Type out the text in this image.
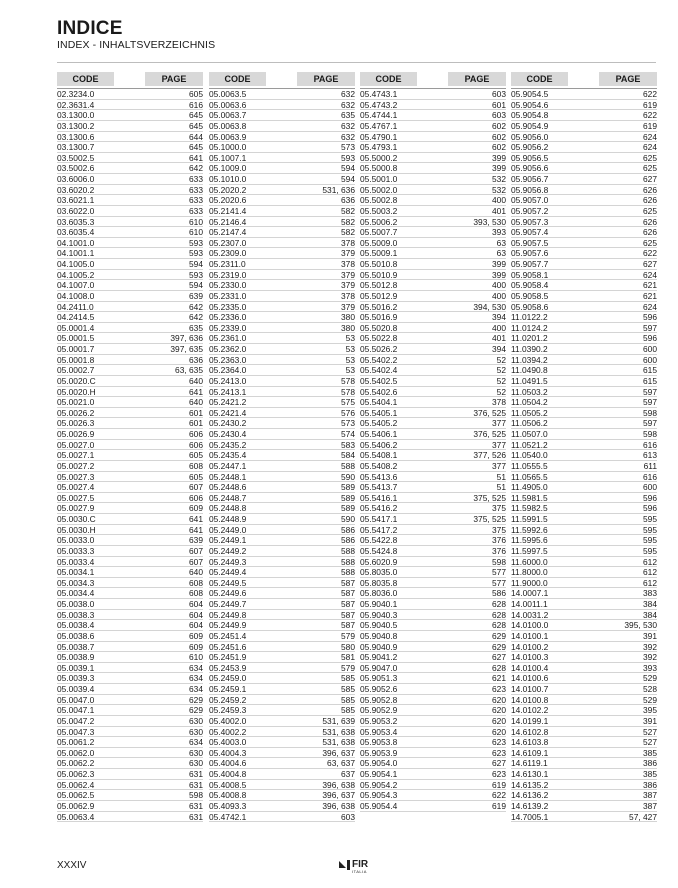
INDICE
INDEX - INHALTSVERZEICHNIS
CODE	PAGE
02.3234.0	605
02.3631.4	616
03.1300.0	645
03.1300.2	645
03.1300.6	644
03.1300.7	645
03.5002.5	641
03.5002.6	642
03.6006.0	633
03.6020.2	633
03.6021.1	633
03.6022.0	633
03.6035.3	610
03.6035.4	610
04.1001.0	593
04.1001.1	593
04.1005.0	594
04.1005.2	593
04.1007.0	594
04.1008.0	639
04.2411.0	642
04.2414.5	642
05.0001.4	635
05.0001.5	397, 636
05.0001.7	397, 635
05.0001.8	636
05.0002.7	63, 635
05.0020.C	640
05.0020.H	641
05.0021.0	640
05.0026.2	601
05.0026.3	601
05.0026.9	606
05.0027.0	606
05.0027.1	605
05.0027.2	608
05.0027.3	605
05.0027.4	607
05.0027.5	606
05.0027.9	609
05.0030.C	641
05.0030.H	641
05.0033.0	639
05.0033.3	607
05.0033.4	607
05.0034.1	640
05.0034.3	608
05.0034.4	608
05.0038.0	604
05.0038.3	604
05.0038.4	604
05.0038.6	609
05.0038.7	609
05.0038.9	610
05.0039.1	634
05.0039.3	634
05.0039.4	634
05.0047.0	629
05.0047.1	629
05.0047.2	630
05.0047.3	630
05.0061.2	634
05.0062.0	630
05.0062.2	630
05.0062.3	631
05.0062.4	631
05.0062.5	598
05.0062.9	631
05.0063.4	631
CODE	PAGE
05.0063.5	632
05.0063.6	632
05.0063.7	635
05.0063.8	632
05.0063.9	632
05.1000.0	573
05.1007.1	593
05.1009.0	594
05.1010.0	594
05.2020.2	531, 636
05.2020.6	636
05.2141.4	582
05.2146.4	582
05.2147.4	582
05.2307.0	378
05.2309.0	379
05.2311.0	378
05.2319.0	379
05.2330.0	379
05.2331.0	378
05.2335.0	379
05.2336.0	380
05.2339.0	380
05.2361.0	53
05.2362.0	53
05.2363.0	53
05.2364.0	53
05.2413.0	578
05.2413.1	578
05.2421.2	575
05.2421.4	576
05.2430.2	573
05.2430.4	574
05.2435.2	583
05.2435.4	584
05.2447.1	588
05.2448.1	590
05.2448.6	589
05.2448.7	589
05.2448.8	589
05.2448.9	590
05.2449.0	586
05.2449.1	586
05.2449.2	588
05.2449.3	588
05.2449.4	588
05.2449.5	587
05.2449.6	587
05.2449.7	587
05.2449.8	587
05.2449.9	587
05.2451.4	579
05.2451.6	580
05.2451.9	581
05.2453.9	579
05.2459.0	585
05.2459.1	585
05.2459.2	585
05.2459.3	585
05.4002.0	531, 639
05.4002.2	531, 638
05.4003.0	531, 638
05.4004.3	396, 637
05.4004.6	63, 637
05.4004.8	637
05.4008.5	396, 638
05.4008.8	396, 637
05.4093.3	396, 638
05.4742.1	603
CODE	PAGE
05.4743.1	603
05.4743.2	601
05.4744.1	603
05.4767.1	602
05.4790.1	602
05.4793.1	602
05.5000.2	399
05.5000.8	399
05.5001.0	532
05.5002.0	532
05.5002.8	400
05.5003.2	401
05.5006.2	393, 530
05.5007.7	393
05.5009.0	63
05.5009.1	63
05.5010.8	399
05.5010.9	399
05.5012.8	400
05.5012.9	400
05.5016.2	394, 530
05.5016.9	394
05.5020.8	400
05.5022.8	401
05.5026.2	394
05.5402.2	52
05.5402.4	52
05.5402.5	52
05.5402.6	52
05.5404.1	378
05.5405.1	376, 525
05.5405.2	377
05.5406.1	376, 525
05.5406.2	377
05.5408.1	377, 526
05.5408.2	377
05.5413.6	51
05.5413.7	51
05.5416.1	375, 525
05.5416.2	375
05.5417.1	375, 525
05.5417.2	375
05.5422.8	376
05.5424.8	376
05.6020.9	598
05.8035.0	577
05.8035.8	577
05.8036.0	586
05.9040.1	628
05.9040.3	628
05.9040.5	628
05.9040.8	629
05.9040.9	629
05.9041.2	627
05.9047.0	628
05.9051.3	621
05.9052.6	623
05.9052.8	620
05.9052.9	620
05.9053.2	620
05.9053.4	620
05.9053.8	623
05.9053.9	623
05.9054.0	627
05.9054.1	623
05.9054.2	619
05.9054.3	622
05.9054.4	619
CODE	PAGE
05.9054.5	622
05.9054.6	619
05.9054.8	622
05.9054.9	619
05.9056.0	624
05.9056.2	624
05.9056.5	625
05.9056.6	625
05.9056.7	627
05.9056.8	626
05.9057.0	626
05.9057.2	625
05.9057.3	626
05.9057.4	626
05.9057.5	625
05.9057.6	622
05.9057.7	627
05.9058.1	624
05.9058.4	621
05.9058.5	621
05.9058.6	624
11.0122.2	596
11.0124.2	597
11.0201.2	596
11.0390.2	600
11.0394.2	600
11.0490.8	615
11.0491.5	615
11.0503.2	597
11.0504.2	597
11.0505.2	598
11.0506.2	597
11.0507.0	598
11.0521.2	616
11.0540.0	613
11.0555.5	611
11.0565.5	616
11.4905.0	600
11.5981.5	596
11.5982.5	596
11.5991.5	595
11.5992.6	595
11.5995.6	595
11.5997.5	595
11.6000.0	612
11.8000.0	612
11.9000.0	612
14.0007.1	383
14.0011.1	384
14.0031.2	384
14.0100.0	395, 530
14.0100.1	391
14.0100.2	392
14.0100.3	392
14.0100.4	393
14.0100.6	529
14.0100.7	528
14.0100.8	529
14.0102.2	395
14.0199.1	391
14.6102.8	527
14.6103.8	527
14.6109.1	385
14.6119.1	386
14.6130.1	385
14.6135.2	386
14.6136.2	387
14.6139.2	387
14.7005.1	57, 427
XXXIV	FIR
ITALIA
